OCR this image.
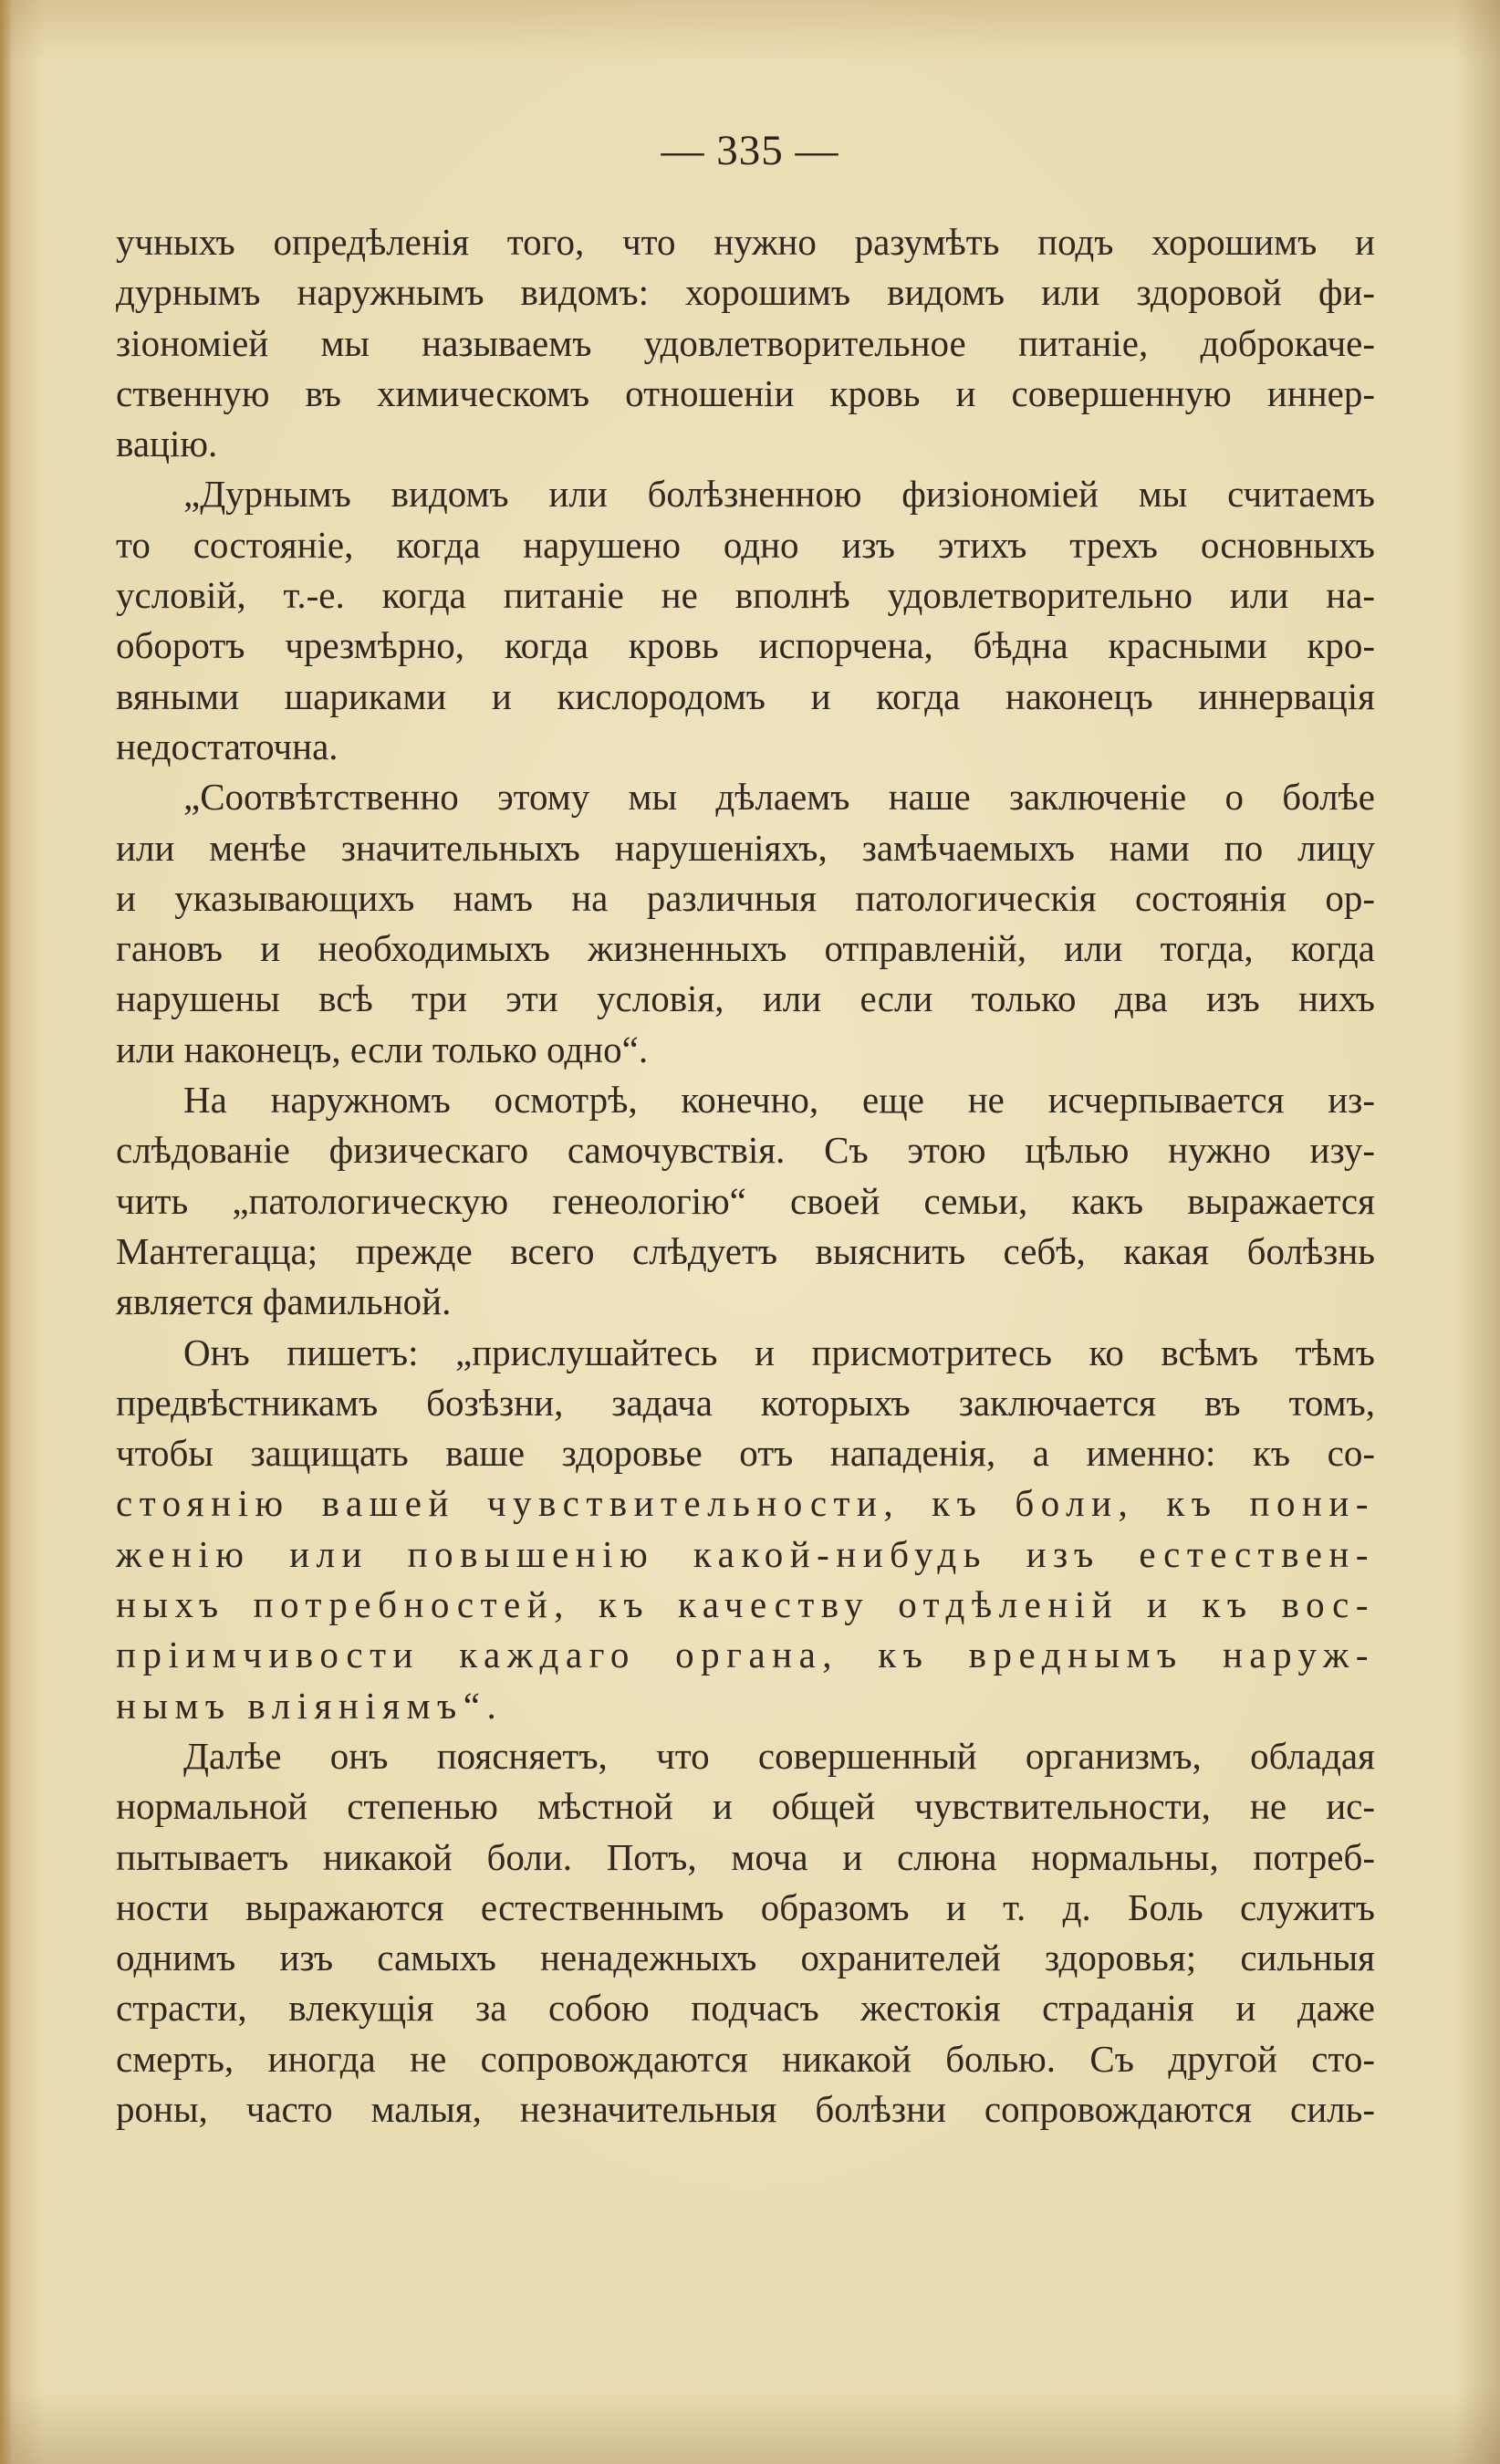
— 335 —
учныхъ опредѣленія того, что нужно разумѣть подъ хорошимъ и
дурнымъ наружнымъ видомъ: хорошимъ видомъ или здоровой фи-
зіономіей мы называемъ удовлетворительное питаніе, доброкаче-
ственную въ химическомъ отношеніи кровь и совершенную иннер-
вацію.
„Дурнымъ видомъ или болѣзненною физіономіей мы считаемъ
то состояніе, когда нарушено одно изъ этихъ трехъ основныхъ
условій, т.-е. когда питаніе не вполнѣ удовлетворительно или на-
оборотъ чрезмѣрно, когда кровь испорчена, бѣдна красными кро-
вяными шариками и кислородомъ и когда наконецъ иннервація
недостаточна.
„Соотвѣтственно этому мы дѣлаемъ наше заключеніе о болѣе
или менѣе значительныхъ нарушеніяхъ, замѣчаемыхъ нами по лицу
и указывающихъ намъ на различныя патологическія состоянія ор-
гановъ и необходимыхъ жизненныхъ отправленій, или тогда, когда
нарушены всѣ три эти условія, или если только два изъ нихъ
или наконецъ, если только одно“.
На наружномъ осмотрѣ, конечно, еще не исчерпывается из-
слѣдованіе физическаго самочувствія. Съ этою цѣлью нужно изу-
чить „патологическую генеологію“ своей семьи, какъ выражается
Мантегацца; прежде всего слѣдуетъ выяснить себѣ, какая болѣзнь
является фамильной.
Онъ пишетъ: „прислушайтесь и присмотритесь ко всѣмъ тѣмъ
предвѣстникамъ бозѣзни, задача которыхъ заключается въ томъ,
чтобы защищать ваше здоровье отъ нападенія, а именно: къ со-
стоянію вашей чувствительности, къ боли, къ пони-
женію или повышенію какой-нибудь изъ естествен-
ныхъ потребностей, къ качеству отдѣленій и къ вос-
пріимчивости каждаго органа, къ вреднымъ наруж-
нымъ вліяніямъ“.
Далѣе онъ поясняетъ, что совершенный организмъ, обладая
нормальной степенью мѣстной и общей чувствительности, не ис-
пытываетъ никакой боли. Потъ, моча и слюна нормальны, потреб-
ности выражаются естественнымъ образомъ и т. д. Боль служитъ
однимъ изъ самыхъ ненадежныхъ охранителей здоровья; сильныя
страсти, влекущія за собою подчасъ жестокія страданія и даже
смерть, иногда не сопровождаются никакой болью. Съ другой сто-
роны, часто малыя, незначительныя болѣзни сопровождаются силь-
